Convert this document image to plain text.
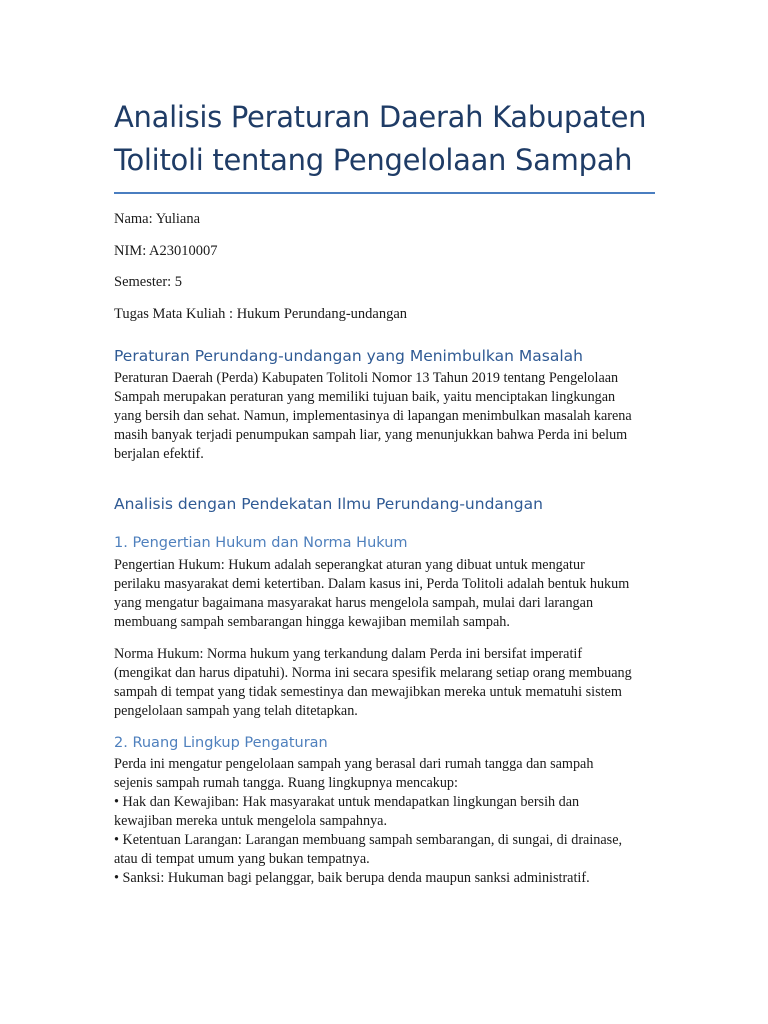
Analisis Peraturan Daerah Kabupaten
Tolitoli tentang Pengelolaan Sampah

Nama: Yuliana

NIM: A23010007

Semester: 5

Tugas Mata Kuliah : Hukum Perundang-undangan

Peraturan Perundang-undangan yang Menimbulkan Masalah

Peraturan Daerah (Perda) Kabupaten Tolitoli Nomor 13 Tahun 2019 tentang Pengelolaan
Sampah merupakan peraturan yang memiliki tujuan baik, yaitu menciptakan lingkungan
yang bersih dan sehat. Namun, implementasinya di lapangan menimbulkan masalah karena
masih banyak terjadi penumpukan sampah liar, yang menunjukkan bahwa Perda ini belum
berjalan efektif.

Analisis dengan Pendekatan Ilmu Perundang-undangan
1. Pengertian Hukum dan Norma Hukum

Pengertian Hukum: Hukum adalah seperangkat aturan yang dibuat untuk mengatur
perilaku masyarakat demi ketertiban. Dalam kasus ini, Perda Tolitoli adalah bentuk hukum
yang mengatur bagaimana masyarakat harus mengelola sampah, mulai dari larangan
membuang sampah sembarangan hingga kewajiban memilah sampah.

Norma Hukum: Norma hukum yang terkandung dalam Perda ini bersifat imperatif
(mengikat dan harus dipatuhi). Norma ini secara spesifik melarang setiap orang membuang
sampah di tempat yang tidak semestinya dan mewajibkan mereka untuk mematuhi sistem
pengelolaan sampah yang telah ditetapkan.

2. Ruang Lingkup Pengaturan

Perda ini mengatur pengelolaan sampah yang berasal dari rumah tangga dan sampah
sejenis sampah rumah tangga. Ruang lingkupnya mencakup:
• Hak dan Kewajiban: Hak masyarakat untuk mendapatkan lingkungan bersih dan
kewajiban mereka untuk mengelola sampahnya.
• Ketentuan Larangan: Larangan membuang sampah sembarangan, di sungai, di drainase,
atau di tempat umum yang bukan tempatnya.
• Sanksi: Hukuman bagi pelanggar, baik berupa denda maupun sanksi administratif.
